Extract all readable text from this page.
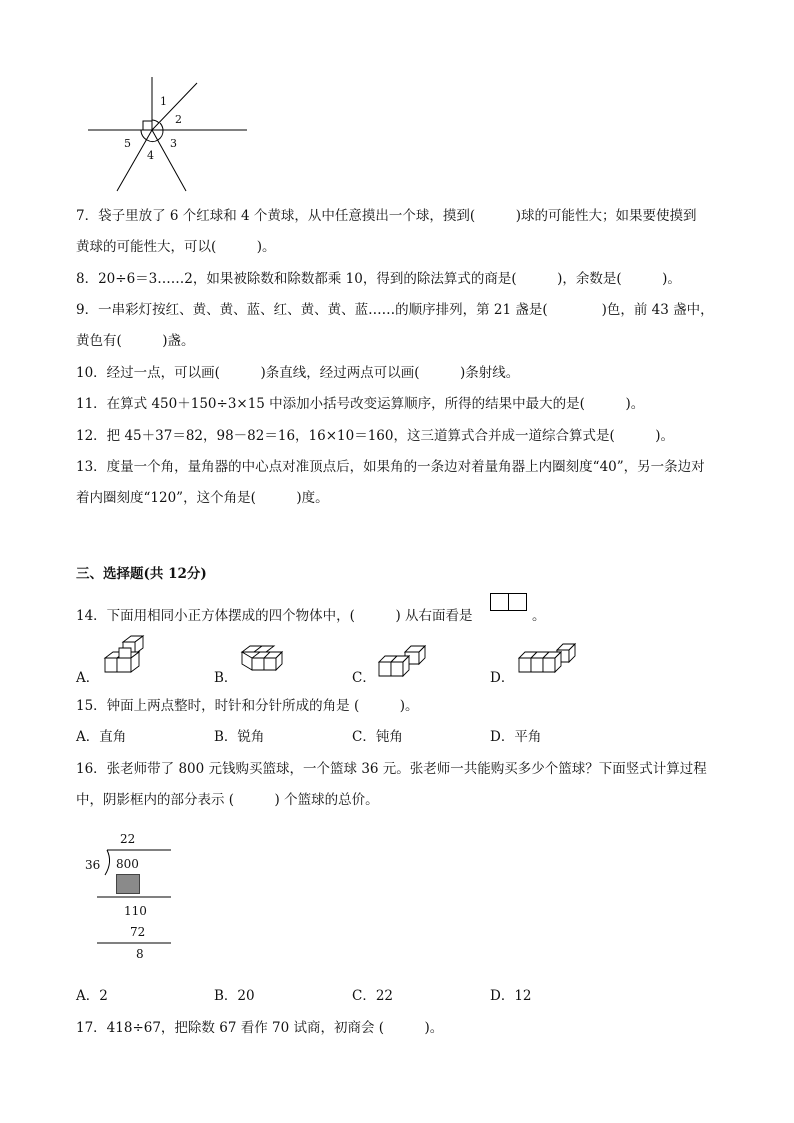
1
2
3
4
5
7．袋子里放了 6 个红球和 4 个黄球，从中任意摸出一个球，摸到(　　　)球的可能性大；如果要使摸到
黄球的可能性大，可以(　　　)。
8．20÷6＝3……2，如果被除数和除数都乘 10，得到的除法算式的商是(　　　)，余数是(　　　)。
9．一串彩灯按红、黄、黄、蓝、红、黄、黄、蓝……的顺序排列，第 21 盏是(　　　　)色，前 43 盏中，
黄色有(　　　)盏。
10．经过一点，可以画(　　　)条直线，经过两点可以画(　　　)条射线。
11．在算式 450＋150÷3×15 中添加小括号改变运算顺序，所得的结果中最大的是(　　　)。
12．把 45＋37＝82，98－82＝16，16×10＝160，这三道算式合并成一道综合算式是(　　　)。
13．度量一个角，量角器的中心点对准顶点后，如果角的一条边对着量角器上内圈刻度“40”，另一条边对
着内圈刻度“120”，这个角是(　　　)度。
三、选择题(共 12分)
14．下面用相同小正方体摆成的四个物体中，(　　　) 从右面看是	。
A．	B．	C．	D．
15．钟面上两点整时，时针和分针所成的角是 (　　　)。
A．直角	B．锐角	C．钝角	D．平角
16．张老师带了 800 元钱购买篮球，一个篮球 36 元。张老师一共能购买多少个篮球？下面竖式计算过程
中，阴影框内的部分表示 (　　　) 个篮球的总价。
22
36 800
110
72
8
A．2	B．20	C．22	D．12
17．418÷67，把除数 67 看作 70 试商，初商会 (　　　)。
